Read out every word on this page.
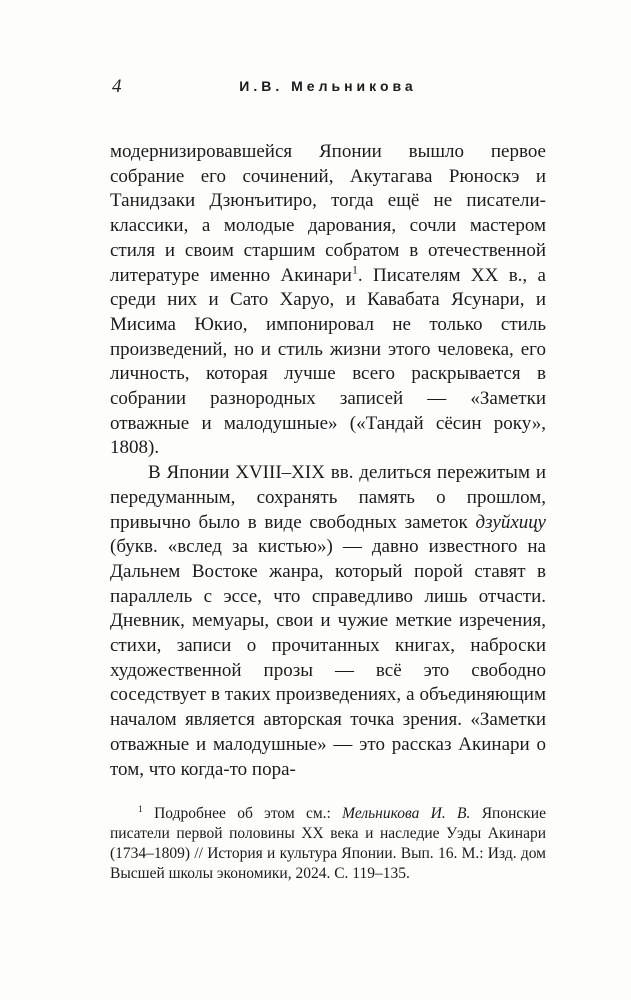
4	И.В. Мельникова

модернизировавшейся Японии вышло первое собрание его сочинений, Акутагава Рюноскэ и Танидзаки Дзюнъитиро, тогда ещё не писатели-классики, а молодые дарования, сочли мастером стиля и своим старшим собратом в отечественной литературе именно Акинари$^1$. Писателям XX в., а среди них и Сато Харуо, и Кавабата Ясунари, и Мисима Юкио, импонировал не только стиль произведений, но и стиль жизни этого человека, его личность, которая лучше всего раскрывается в собрании разнородных записей — «Заметки отважные и малодушные» («Тандай сёсин року», 1808).

В Японии XVIII–XIX вв. делиться пережитым и передуманным, сохранять память о прошлом, привычно было в виде свободных заметок дзуйхицу (букв. «вслед за кистью») — давно известного на Дальнем Востоке жанра, который порой ставят в параллель с эссе, что справедливо лишь отчасти. Дневник, мемуары, свои и чужие меткие изречения, стихи, записи о прочитанных книгах, наброски художественной прозы — всё это свободно соседствует в таких произведениях, а объединяющим началом является авторская точка зрения. «Заметки отважные и малодушные» — это рассказ Акинари о том, что когда-то пора-

$^1$ Подробнее об этом см.: Мельникова И. В. Японские писатели первой половины XX века и наследие Уэды Акинари (1734–1809) // История и культура Японии. Вып. 16. М.: Изд. дом Высшей школы экономики, 2024. С. 119–135.
